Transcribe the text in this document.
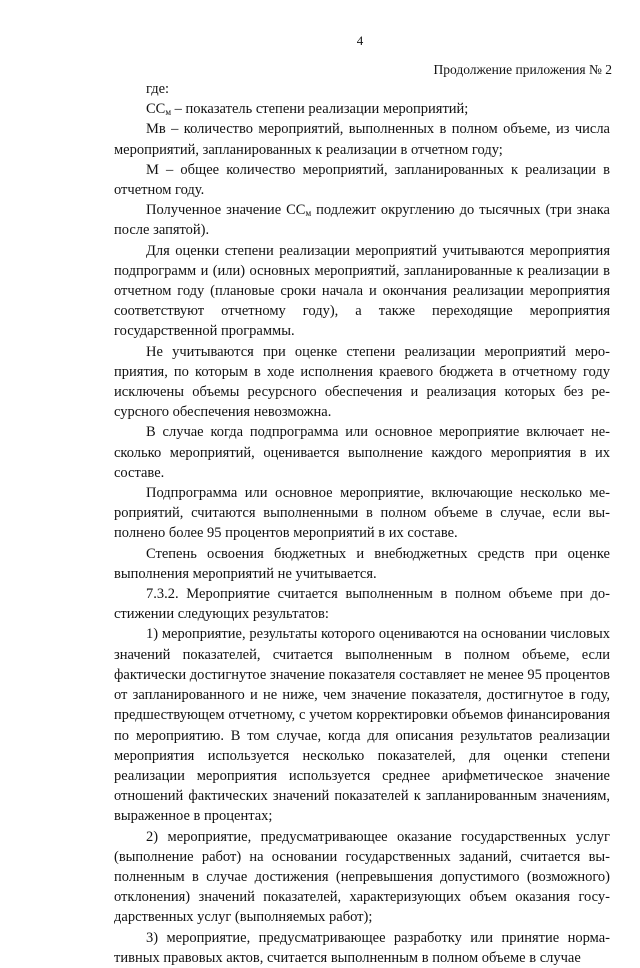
4
Продолжение приложения № 2

где:

$CC_м$ – показатель степени реализации мероприятий;

Мв – количество мероприятий, выполненных в полном объеме, из числа мероприятий, запланированных к реализации в отчетном году;

М – общее количество мероприятий, запланированных к реализации в отчетном году.

Полученное значение $CC_м$ подлежит округлению до тысячных (три знака после запятой).

Для оценки степени реализации мероприятий учитываются мероприятия подпрограмм и (или) основных мероприятий, запланированные к реализации в отчетном году (плановые сроки начала и окончания реализации мероприятия соответствуют отчетному году), а также переходящие мероприятия государственной программы.

Не учитываются при оценке степени реализации мероприятий мероприятия, по которым в ходе исполнения краевого бюджета в отчетному году исключены объемы ресурсного обеспечения и реализация которых без ресурсного обеспечения невозможна.

В случае когда подпрограмма или основное мероприятие включает несколько мероприятий, оценивается выполнение каждого мероприятия в их составе.

Подпрограмма или основное мероприятие, включающие несколько мероприятий, считаются выполненными в полном объеме в случае, если выполнено более 95 процентов мероприятий в их составе.

Степень освоения бюджетных и внебюджетных средств при оценке выполнения мероприятий не учитывается.

7.3.2. Мероприятие считается выполненным в полном объеме при достижении следующих результатов:

1) мероприятие, результаты которого оцениваются на основании числовых значений показателей, считается выполненным в полном объеме, если фактически достигнутое значение показателя составляет не менее 95 процентов от запланированного и не ниже, чем значение показателя, достигнутое в году, предшествующем отчетному, с учетом корректировки объемов финансирования по мероприятию. В том случае, когда для описания результатов реализации мероприятия используется несколько показателей, для оценки степени реализации мероприятия используется среднее арифметическое значение отношений фактических значений показателей к запланированным значениям, выраженное в процентах;

2) мероприятие, предусматривающее оказание государственных услуг (выполнение работ) на основании государственных заданий, считается выполненным в случае достижения (непревышения допустимого (возможного) отклонения) значений показателей, характеризующих объем оказания государственных услуг (выполняемых работ);

3) мероприятие, предусматривающее разработку или принятие нормативных правовых актов, считается выполненным в полном объеме в случае
